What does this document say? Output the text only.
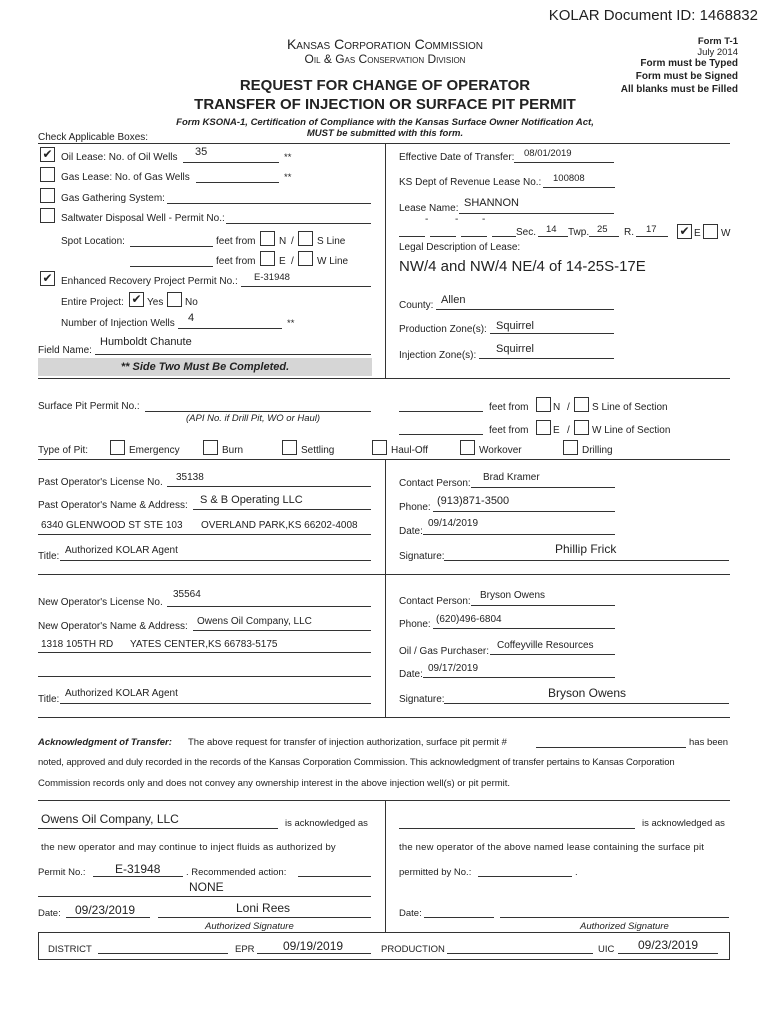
KOLAR Document ID: 1468832
Kansas Corporation Commission
Oil & Gas Conservation Division
Form T-1
July 2014
Form must be Typed
Form must be Signed
All blanks must be Filled
REQUEST FOR CHANGE OF OPERATOR
TRANSFER OF INJECTION OR SURFACE PIT PERMIT
Form KSONA-1, Certification of Compliance with the Kansas Surface Owner Notification Act,
MUST be submitted with this form.
Check Applicable Boxes:
✔ Oil Lease: No. of Oil Wells 35	**
Gas Lease: No. of Gas Wells	**
Gas Gathering System:
Saltwater Disposal Well - Permit No.:
Spot Location:	feet from N / S Line
feet from E / W Line
✔ Enhanced Recovery Project Permit No.: E-31948
Entire Project: ✔ Yes No
Number of Injection Wells 4	**
Field Name:
Humboldt Chanute
** Side Two Must Be Completed.
Effective Date of Transfer: 08/01/2019
KS Dept of Revenue Lease No.: 100808
Lease Name: SHANNON
-	- -
Sec. 14 Twp. 25 R. 17 ✔ E W
Legal Description of Lease:
NW/4 and NW/4 NE/4 of 14-25S-17E
County: Allen
Production Zone(s): Squirrel
Injection Zone(s):
Squirrel
Surface Pit Permit No.:
(API No. if Drill Pit, WO or Haul)
feet from N / S Line of Section
feet from E / W Line of Section
Type of Pit:	Emergency	Burn	Settling	Haul-Off	Workover	Drilling
Past Operator's License No. 35138
Past Operator's Name & Address: S & B Operating LLC
6340 GLENWOOD ST STE 103 OVERLAND PARK,KS 66202-4008
Title:
Authorized KOLAR Agent
Contact Person:
Brad Kramer
Phone:
(913)871-3500
Date:
09/14/2019
Signature:
Phillip Frick
New Operator's License No.
35564
New Operator's Name & Address: Owens Oil Company, LLC
1318 105TH RD YATES CENTER,KS 66783-5175
Title:
Authorized KOLAR Agent
Contact Person:
Bryson Owens
Phone: (620)496-6804
Oil / Gas Purchaser:
Coffeyville Resources
Date:
09/17/2019
Signature:	Bryson Owens
Acknowledgment of Transfer: The above request for transfer of injection authorization, surface pit permit #	has been
noted, approved and duly recorded in the records of the Kansas Corporation Commission. This acknowledgment of transfer pertains to Kansas Corporation
Commission records only and does not convey any ownership interest in the above injection well(s) or pit permit.
Owens Oil Company, LLC	is acknowledged as
the new operator and may continue to inject fluids as authorized by
Permit No.: E-31948	. Recommended action:
NONE
Date: 09/23/2019	Loni Rees
Authorized Signature
is acknowledged as
the new operator of the above named lease containing the surface pit
permitted by No.:	.
Date:
Authorized Signature
DISTRICT	EPR 09/19/2019	PRODUCTION	UIC 09/23/2019
